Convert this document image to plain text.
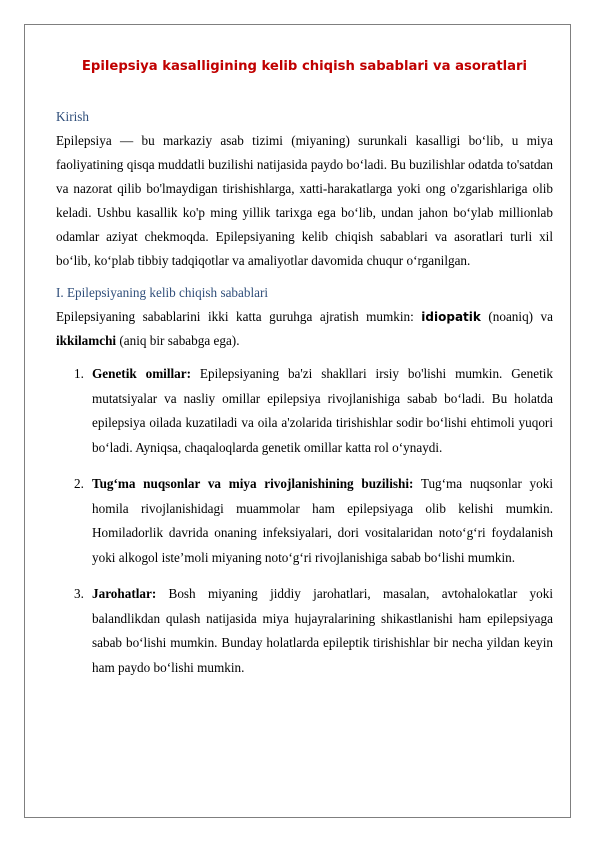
Epilepsiya kasalligining kelib chiqish sabablari va asoratlari
Kirish

Epilepsiya — bu markaziy asab tizimi (miyaning) surunkali kasalligi bo‘lib, u miya faoliyatining qisqa muddatli buzilishi natijasida paydo bo‘ladi. Bu buzilishlar odatda to'satdan va nazorat qilib bo'lmaydigan tirishishlarga, xatti-harakatlarga yoki ong o'zgarishlariga olib keladi. Ushbu kasallik ko'p ming yillik tarixga ega bo‘lib, undan jahon bo‘ylab millionlab odamlar aziyat chekmoqda. Epilepsiyaning kelib chiqish sabablari va asoratlari turli xil bo‘lib, ko‘plab tibbiy tadqiqotlar va amaliyotlar davomida chuqur o‘rganilgan.

I. Epilepsiyaning kelib chiqish sabablari

Epilepsiyaning sabablarini ikki katta guruhga ajratish mumkin: idiopatik (noaniq) va ikkilamchi (aniq bir sababga ega).

1. Genetik omillar: Epilepsiyaning ba'zi shakllari irsiy bo'lishi mumkin. Genetik mutatsiyalar va nasliy omillar epilepsiya rivojlanishiga sabab bo‘ladi. Bu holatda epilepsiya oilada kuzatiladi va oila a'zolarida tirishishlar sodir bo‘lishi ehtimoli yuqori bo‘ladi. Ayniqsa, chaqaloqlarda genetik omillar katta rol o‘ynaydi.
2. Tug‘ma nuqsonlar va miya rivojlanishining buzilishi: Tug‘ma nuqsonlar yoki homila rivojlanishidagi muammolar ham epilepsiyaga olib kelishi mumkin. Homiladorlik davrida onaning infeksiyalari, dori vositalaridan noto‘g‘ri foydalanish yoki alkogol iste’moli miyaning noto‘g‘ri rivojlanishiga sabab bo‘lishi mumkin.
3. Jarohatlar: Bosh miyaning jiddiy jarohatlari, masalan, avtohalokatlar yoki balandlikdan qulash natijasida miya hujayralarining shikastlanishi ham epilepsiyaga sabab bo‘lishi mumkin. Bunday holatlarda epileptik tirishishlar bir necha yildan keyin ham paydo bo‘lishi mumkin.
